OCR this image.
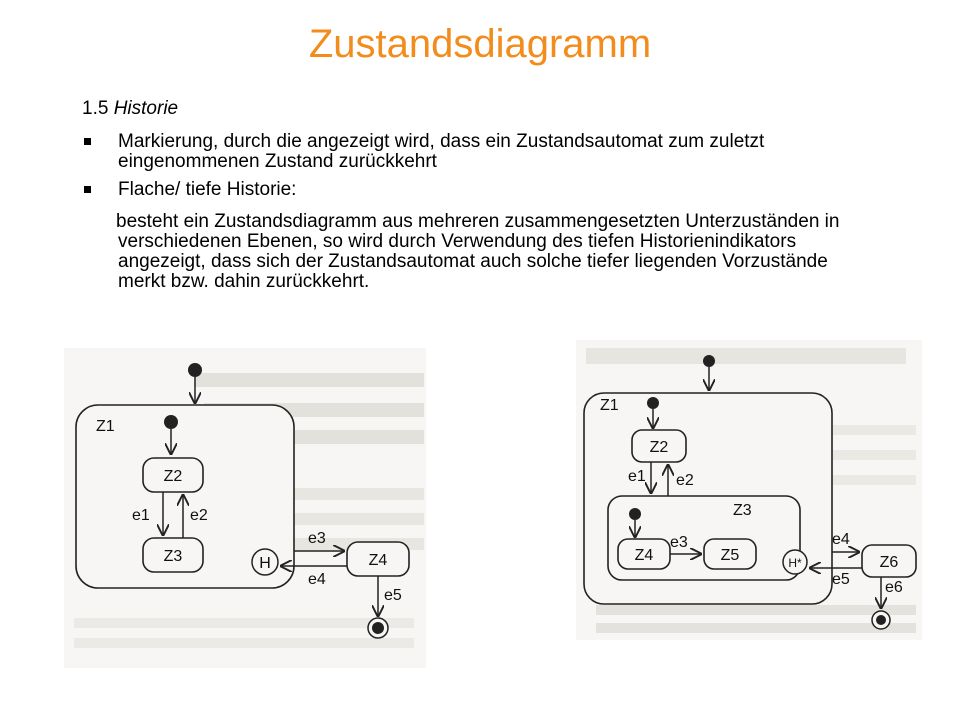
Zustandsdiagramm
1.5 Historie
Markierung, durch die angezeigt wird, dass ein Zustandsautomat zum zuletzt eingenommenen Zustand zurückkehrt
Flache/ tiefe Historie:
besteht ein Zustandsdiagramm aus mehreren zusammengesetzten Unterzuständen in verschiedenen Ebenen, so wird durch Verwendung des tiefen Historienindikators angezeigt, dass sich der Zustandsautomat auch solche tiefer liegenden Vorzustände merkt bzw. dahin zurückkehrt.
Z1
Z2
Z3
e1	e2
H	Z4
e3
e4
e5
Z1
Z2
Z3
e1 e2
Z4	Z5
e3
H*	Z6
e4
e5 e6
